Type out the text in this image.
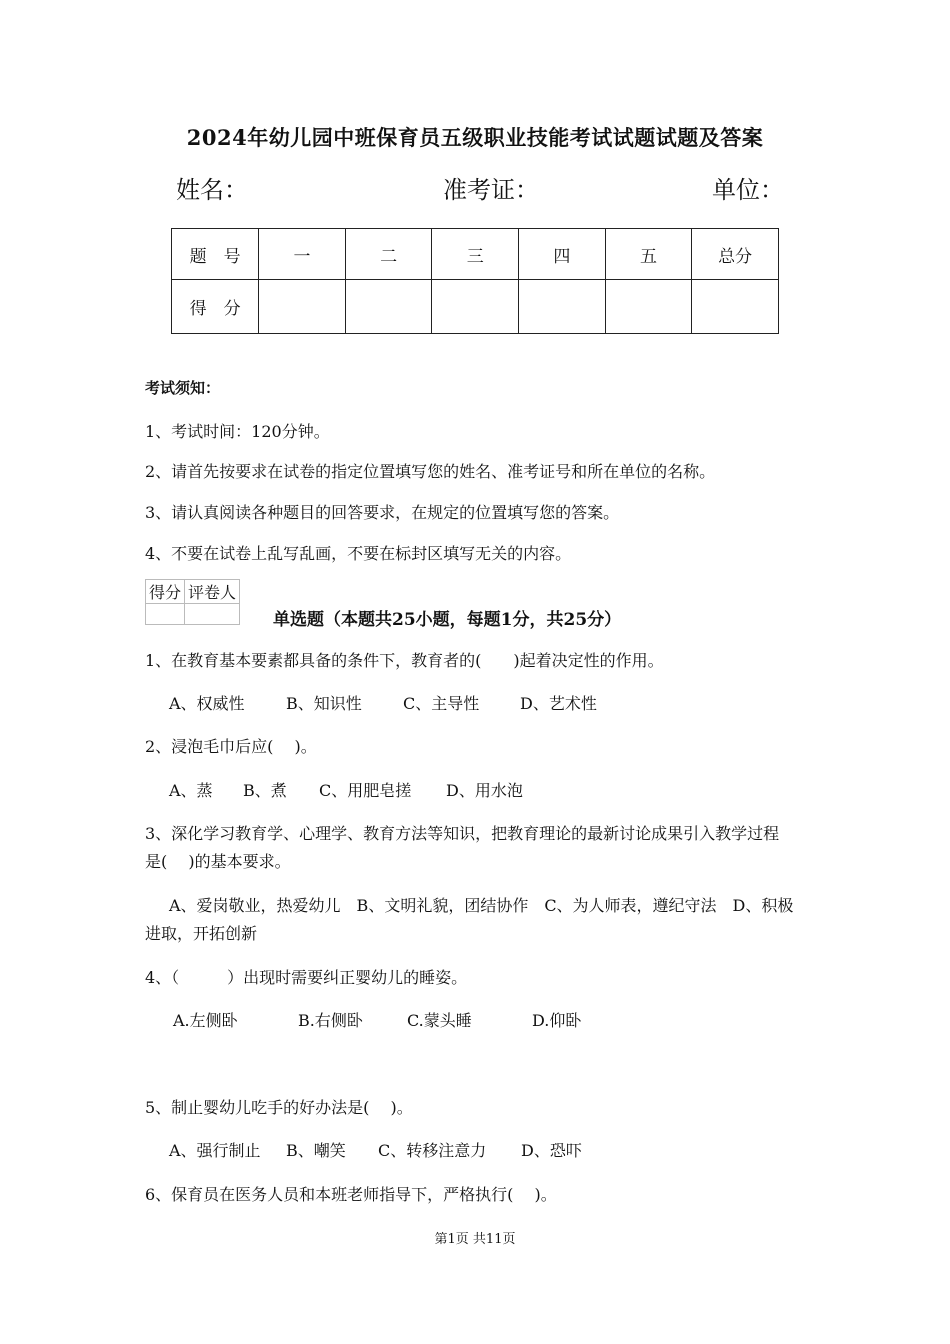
2024年幼儿园中班保育员五级职业技能考试试题试题及答案
姓名：	准考证：	单位：
题　号	一	二	三	四	五	总分
得　分						
考试须知：
1、考试时间：120分钟。
2、请首先按要求在试卷的指定位置填写您的姓名、准考证号和所在单位的名称。
3、请认真阅读各种题目的回答要求，在规定的位置填写您的答案。
4、不要在试卷上乱写乱画，不要在标封区填写无关的内容。
得分	评卷人

单选题（本题共25小题，每题1分，共25分）
1、在教育基本要素都具备的条件下，教育者的(　　)起着决定性的作用。
A、权威性	B、知识性	C、主导性	D、艺术性
2、浸泡毛巾后应(　 )。
A、蒸 B、煮 C、用肥皂搓 D、用水泡
3、深化学习教育学、心理学、教育方法等知识，把教育理论的最新讨论成果引入教学过程
是(　 )的基本要求。
A、爱岗敬业，热爱幼儿　B、文明礼貌，团结协作　C、为人师表，遵纪守法　D、积极
进取，开拓创新
4、（　　　）出现时需要纠正婴幼儿的睡姿。
A.左侧卧	B.右侧卧	C.蒙头睡	D.仰卧
5、制止婴幼儿吃手的好办法是(　 )。
A、强行制止 B、嘲笑 C、转移注意力 D、恐吓
6、保育员在医务人员和本班老师指导下，严格执行(　 )。
第1页 共11页
